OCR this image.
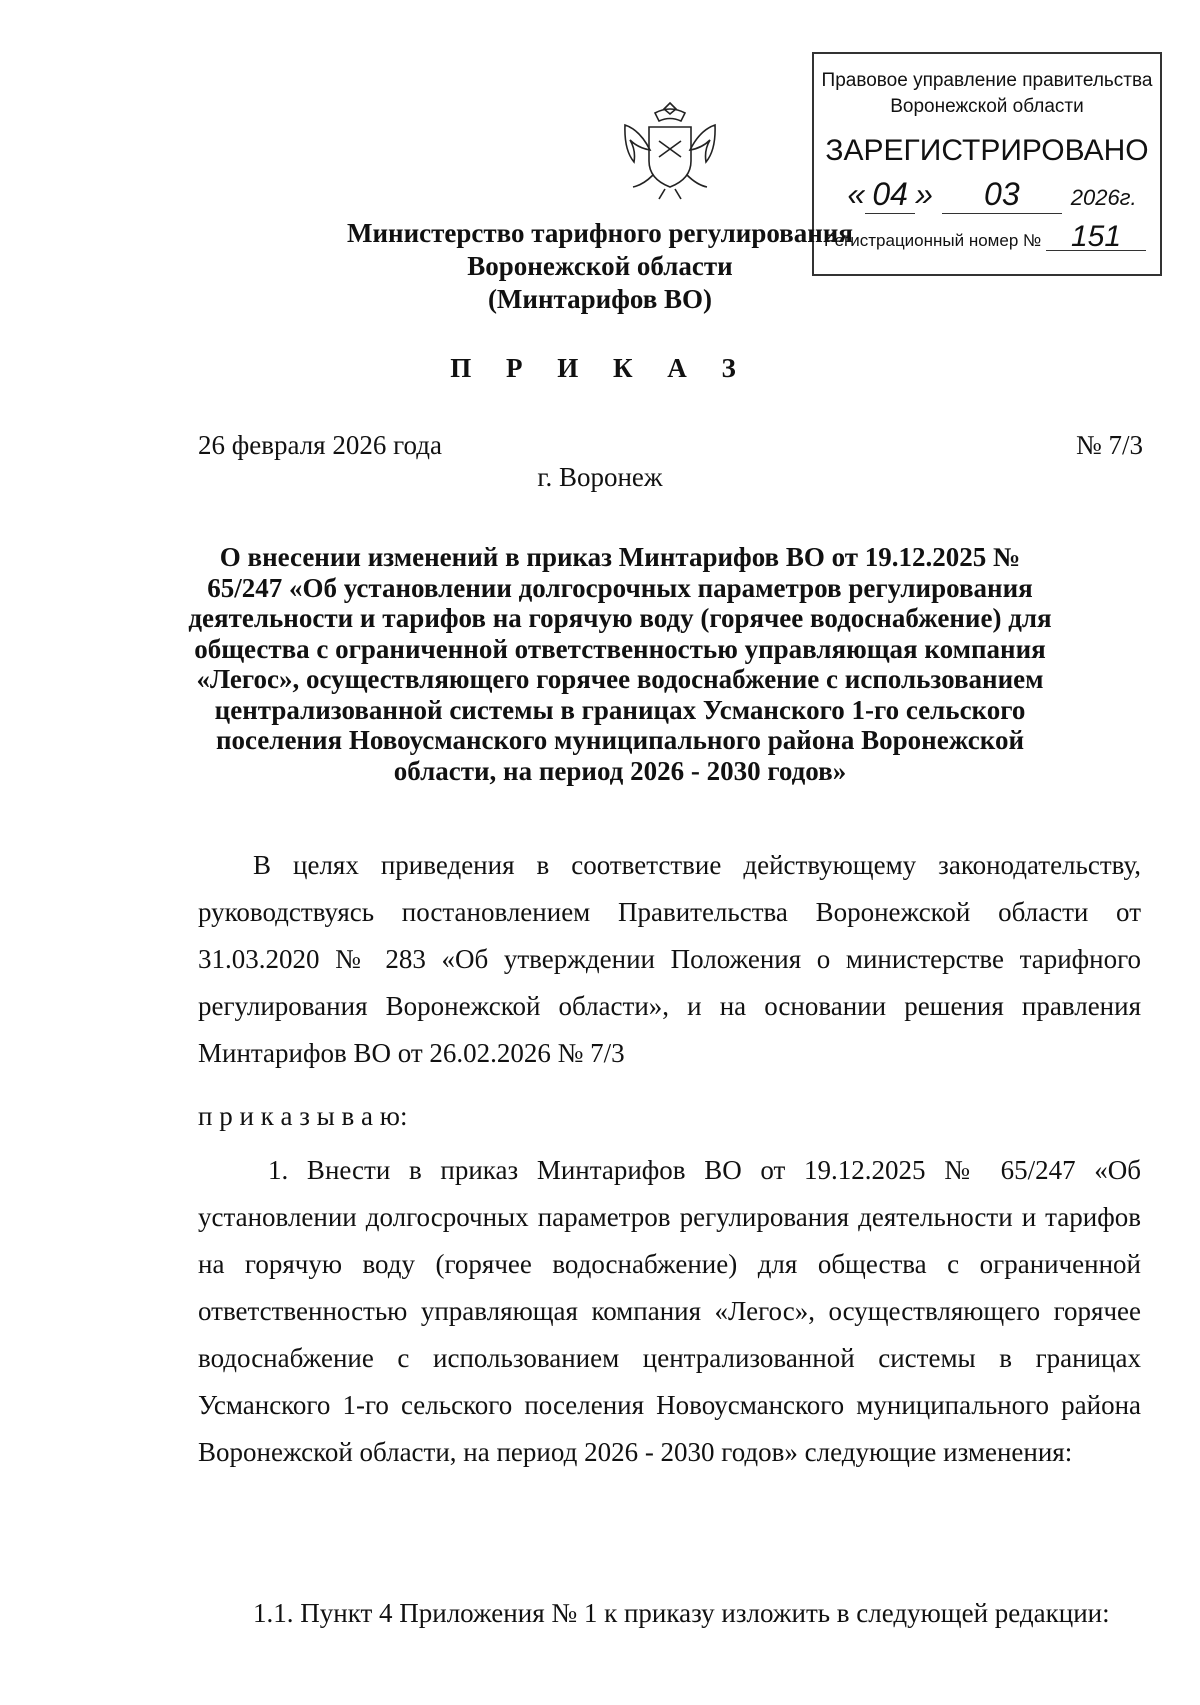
Правовое управление правительства
Воронежской области
ЗАРЕГИСТРИРОВАНО
« 04 » 03 2026г.
Регистрационный номер № 151
Министерство тарифного регулирования
Воронежской области
(Минтарифов ВО)
П Р И К А З
26 февраля 2026 года	№ 7/3
г. Воронеж
О внесении изменений в приказ Минтарифов ВО от 19.12.2025 № 65/247 «Об установлении долгосрочных параметров регулирования деятельности и тарифов на горячую воду (горячее водоснабжение) для общества с ограниченной ответственностью управляющая компания «Легос», осуществляющего горячее водоснабжение с использованием централизованной системы в границах Усманского 1-го сельского поселения Новоусманского муниципального района Воронежской области, на период 2026 - 2030 годов»

В целях приведения в соответствие действующему законодательству, руководствуясь постановлением Правительства Воронежской области от 31.03.2020 № 283 «Об утверждении Положения о министерстве тарифного регулирования Воронежской области», и на основании решения правления Минтарифов ВО от 26.02.2026 № 7/3

п р и к а з ы в а ю:

1. Внести в приказ Минтарифов ВО от 19.12.2025 № 65/247 «Об установлении долгосрочных параметров регулирования деятельности и тарифов на горячую воду (горячее водоснабжение) для общества с ограниченной ответственностью управляющая компания «Легос», осуществляющего горячее водоснабжение с использованием централизованной системы в границах Усманского 1-го сельского поселения Новоусманского муниципального района Воронежской области, на период 2026 - 2030 годов» следующие изменения:

1.1. Пункт 4 Приложения № 1 к приказу изложить в следующей редакции:
